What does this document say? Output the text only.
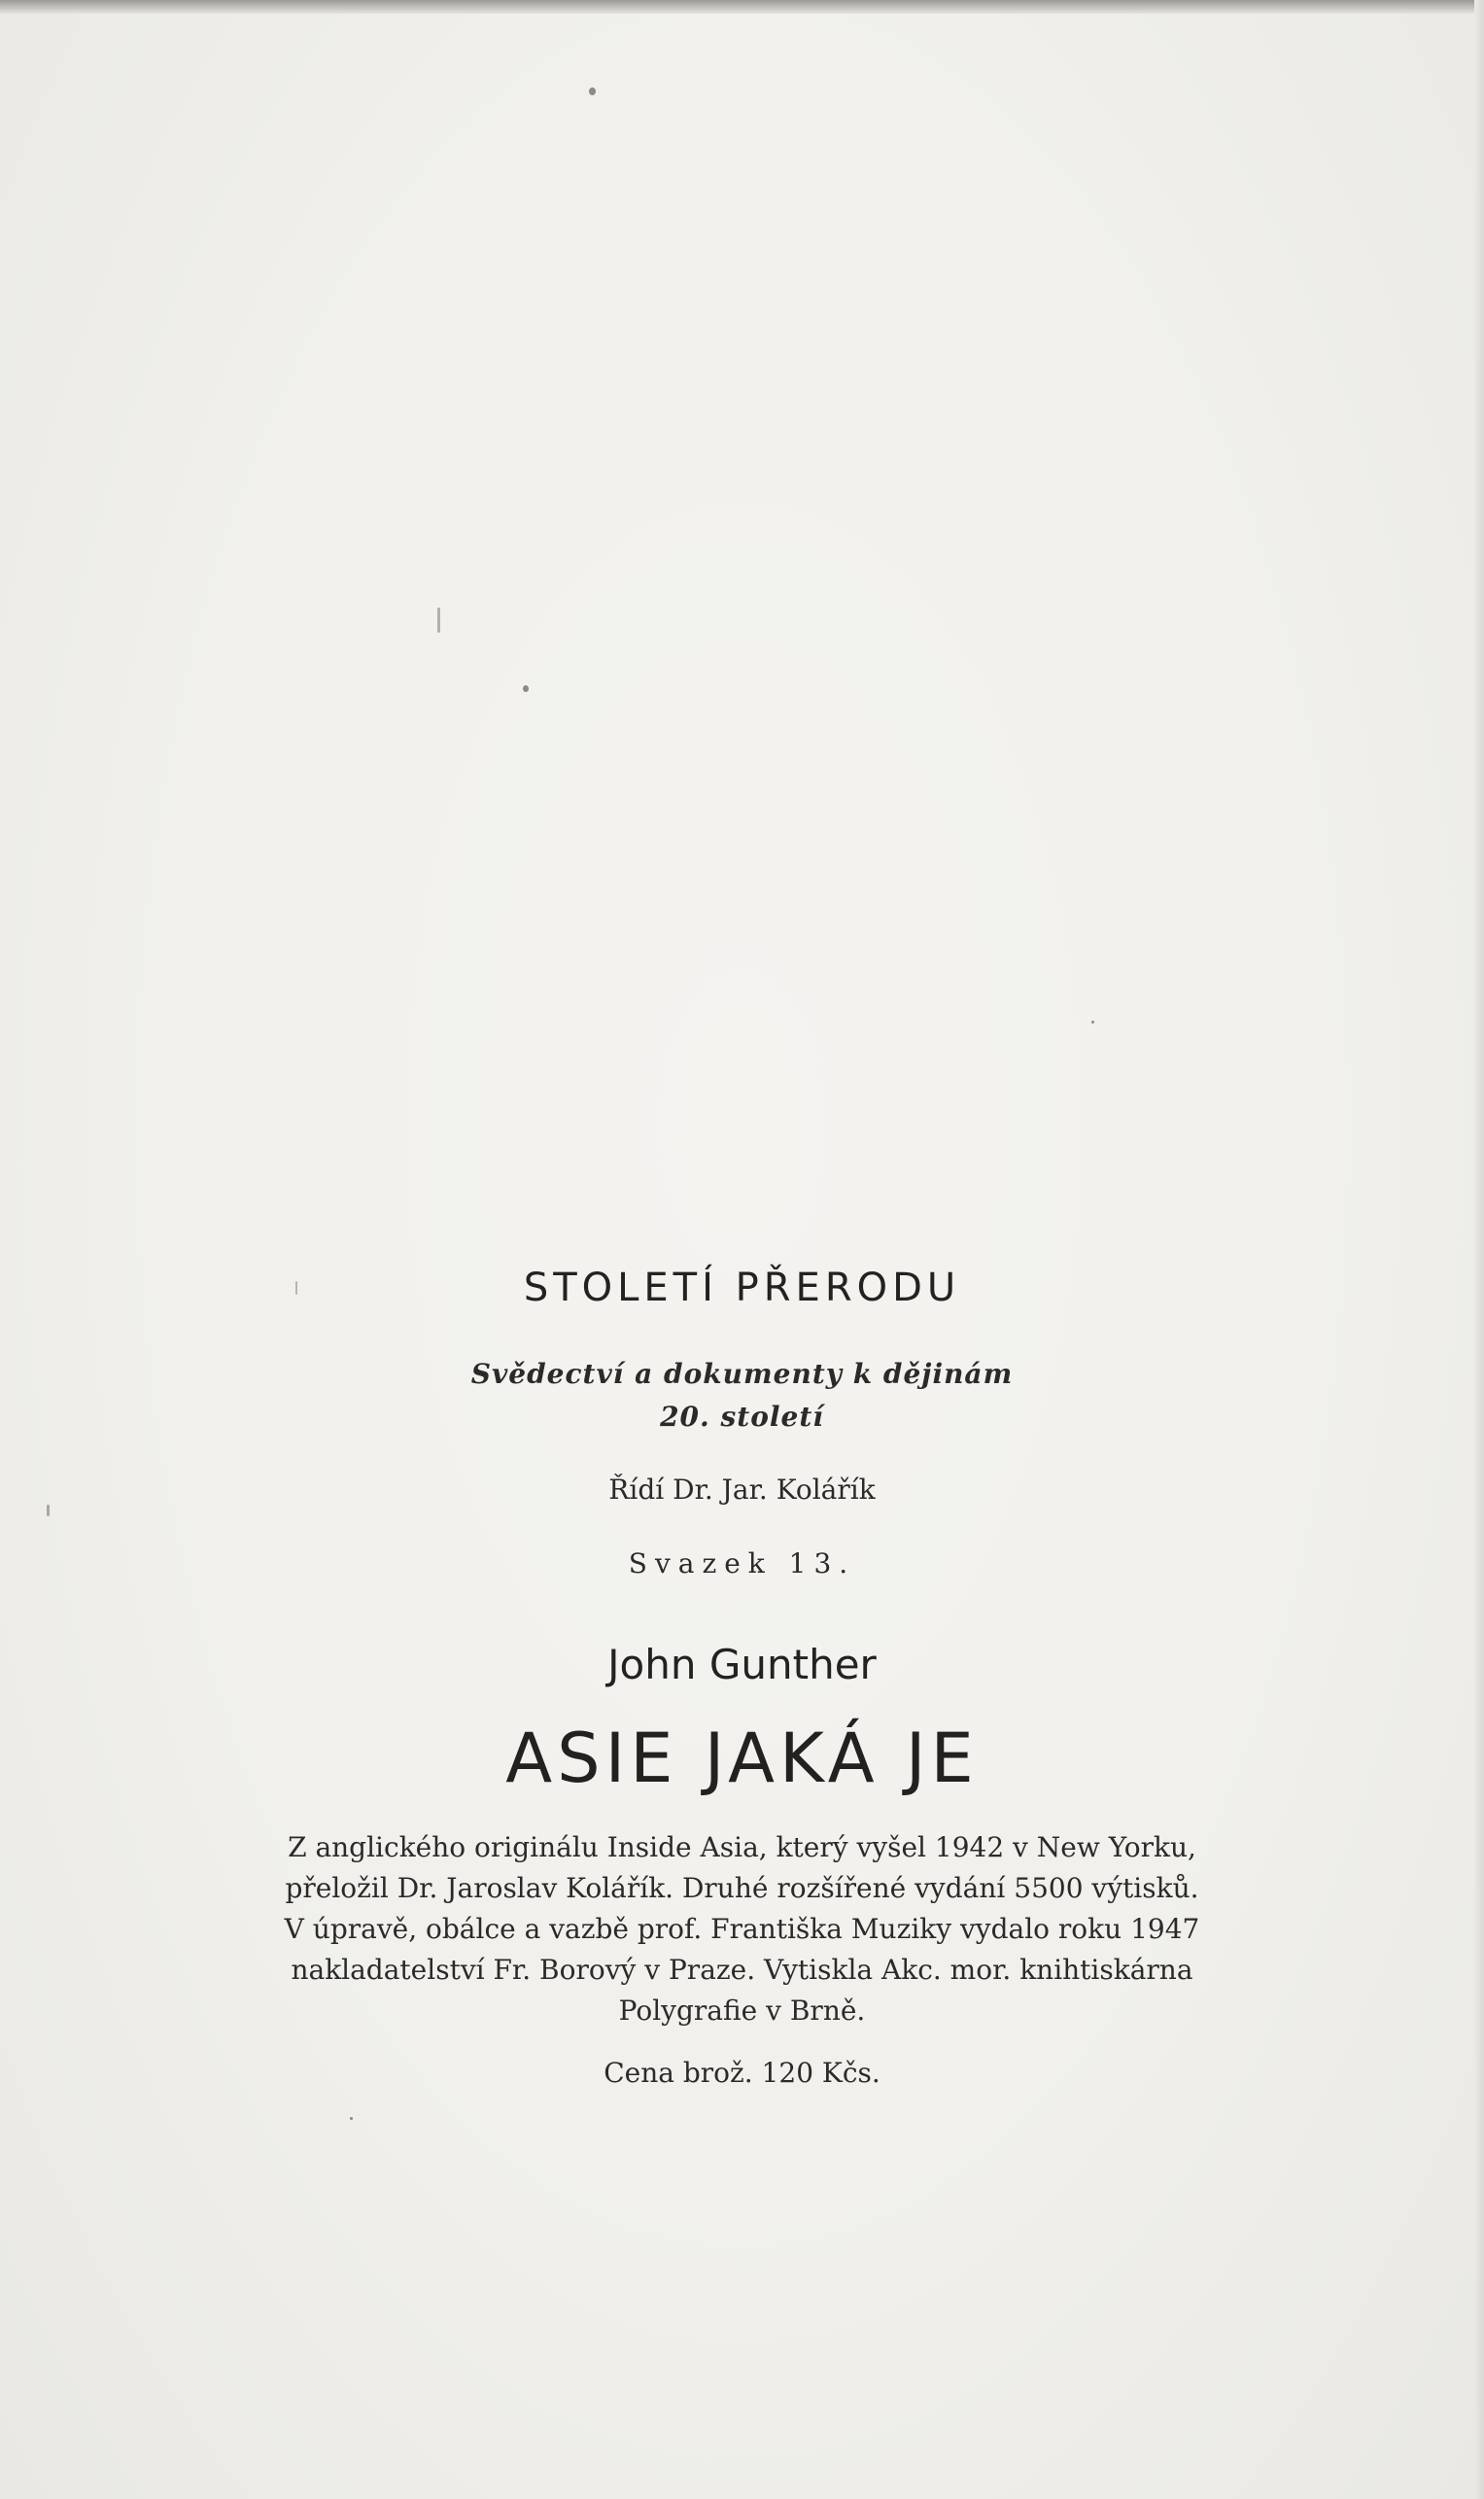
STOLETÍ PŘERODU
Svědectví a dokumenty k dějinám
20. století
Řídí Dr. Jar. Kolářík
Svazek 13.
John Gunther
ASIE JAKÁ JE
Z anglického originálu Inside Asia, který vyšel 1942 v New Yorku,
přeložil Dr. Jaroslav Kolářík. Druhé rozšířené vydání 5500 výtisků.
V úpravě, obálce a vazbě prof. Františka Muziky vydalo roku 1947
nakladatelství Fr. Borový v Praze. Vytiskla Akc. mor. knihtiskárna
Polygrafie v Brně.
Cena brož. 120 Kčs.
